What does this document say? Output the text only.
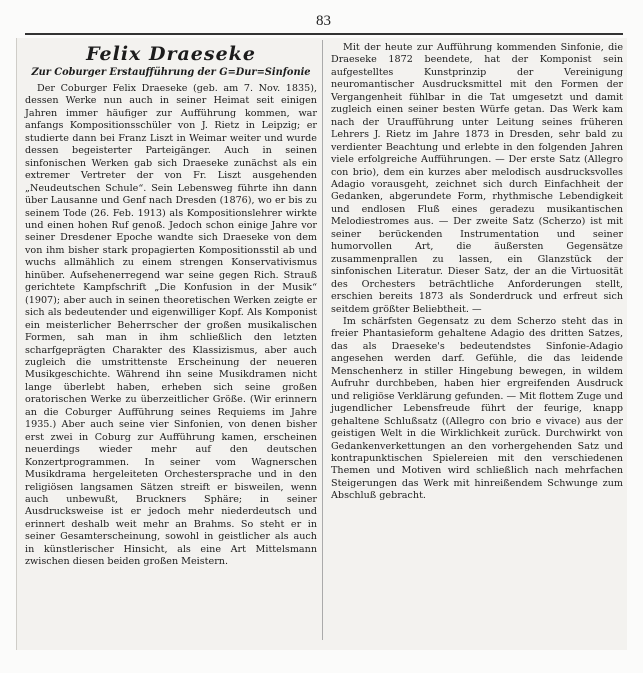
83
Felix Draeseke
Zur Coburger Erstaufführung der G=Dur=Sinfonie

Der Coburger Felix Draeseke (geb. am 7. Nov. 1835), dessen Werke nun auch in seiner Heimat seit einigen Jahren immer häufiger zur Aufführung kommen, war anfangs Kompositionsschüler von J. Rietz in Leipzig; er studierte dann bei Franz Liszt in Weimar weiter und wurde dessen begeisterter Parteigänger. Auch in seinen sinfonischen Werken gab sich Draeseke zunächst als ein extremer Vertreter der von Fr. Liszt ausgehenden „Neudeutschen Schule“. Sein Lebensweg führte ihn dann über Lausanne und Genf nach Dresden (1876), wo er bis zu seinem Tode (26. Feb. 1913) als Kompositionslehrer wirkte und einen hohen Ruf genoß. Jedoch schon einige Jahre vor seiner Dresdener Epoche wandte sich Draeseke von dem von ihm bisher stark propagierten Kompositionsstil ab und wuchs allmählich zu einem strengen Konservativismus hinüber. Aufsehenerregend war seine gegen Rich. Strauß gerichtete Kampfschrift „Die Konfusion in der Musik“ (1907); aber auch in seinen theoretischen Werken zeigte er sich als bedeutender und eigenwilliger Kopf. Als Komponist ein meisterlicher Beherrscher der großen musikalischen Formen, sah man in ihm schließlich den letzten scharfgeprägten Charakter des Klassizismus, aber auch zugleich die umstrittenste Erscheinung der neueren Musikgeschichte. Während ihn seine Musikdramen nicht lange überlebt haben, erheben sich seine großen oratorischen Werke zu überzeitlicher Größe. (Wir erinnern an die Coburger Aufführung seines Requiems im Jahre 1935.) Aber auch seine vier Sinfonien, von denen bisher erst zwei in Coburg zur Aufführung kamen, erscheinen neuerdings wieder mehr auf den deutschen Konzertprogrammen. In seiner vom Wagnerschen Musikdrama hergeleiteten Orchestersprache und in den religiösen langsamen Sätzen streift er bisweilen, wenn auch unbewußt, Bruckners Sphäre; in seiner Ausdrucksweise ist er jedoch mehr niederdeutsch und erinnert deshalb weit mehr an Brahms. So steht er in seiner Gesamterscheinung, sowohl in geistlicher als auch in künstlerischer Hinsicht, als eine Art Mittelsmann zwischen diesen beiden großen Meistern.

Mit der heute zur Aufführung kommenden Sinfonie, die Draeseke 1872 beendete, hat der Komponist sein aufgestelltes Kunstprinzip der Vereinigung neuromantischer Ausdrucksmittel mit den Formen der Vergangenheit fühlbar in die Tat umgesetzt und damit zugleich einen seiner besten Würfe getan. Das Werk kam nach der Uraufführung unter Leitung seines früheren Lehrers J. Rietz im Jahre 1873 in Dresden, sehr bald zu verdienter Beachtung und erlebte in den folgenden Jahren viele erfolgreiche Aufführungen. — Der erste Satz (Allegro con brio), dem ein kurzes aber melodisch ausdrucksvolles Adagio vorausgeht, zeichnet sich durch Einfachheit der Gedanken, abgerundete Form, rhythmische Lebendigkeit und endlosen Fluß eines geradezu musikantischen Melodiestromes aus. — Der zweite Satz (Scherzo) ist mit seiner berückenden Instrumentation und seiner humorvollen Art, die äußersten Gegensätze zusammenprallen zu lassen, ein Glanzstück der sinfonischen Literatur. Dieser Satz, der an die Virtuosität des Orchesters beträchtliche Anforderungen stellt, erschien bereits 1873 als Sonderdruck und erfreut sich seitdem größter Beliebtheit. —

Im schärfsten Gegensatz zu dem Scherzo steht das in freier Phantasieform gehaltene Adagio des dritten Satzes, das als Draeseke's bedeutendstes Sinfonie-Adagio angesehen werden darf. Gefühle, die das leidende Menschenherz in stiller Hingebung bewegen, in wildem Aufruhr durchbeben, haben hier ergreifenden Ausdruck und religiöse Verklärung gefunden. — Mit flottem Zuge und jugendlicher Lebensfreude führt der feurige, knapp gehaltene Schlußsatz ((Allegro con brio e vivace) aus der geistigen Welt in die Wirklichkeit zurück. Durchwirkt von Gedankenverkettungen an den vorhergehenden Satz und kontrapunktischen Spielereien mit den verschiedenen Themen und Motiven wird schließlich nach mehrfachen Steigerungen das Werk mit hinreißendem Schwunge zum Abschluß gebracht.
